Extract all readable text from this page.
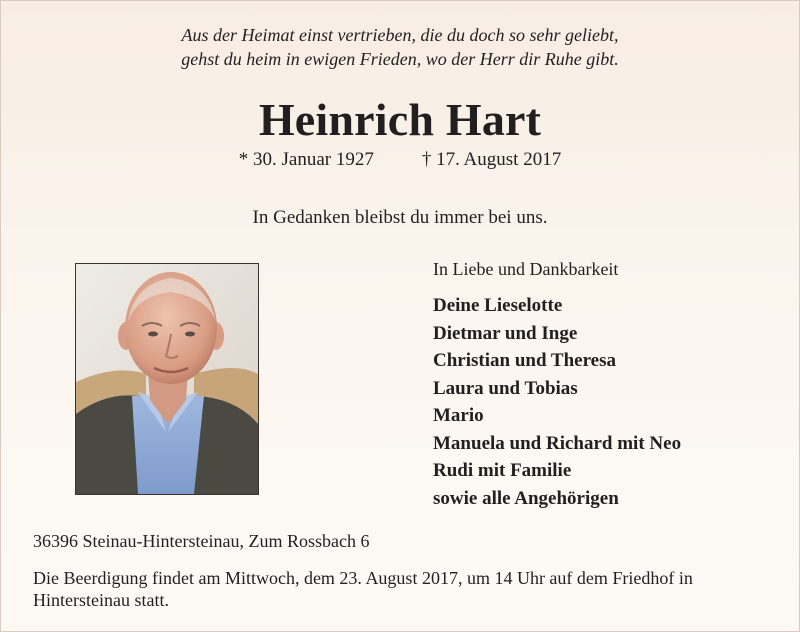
Aus der Heimat einst vertrieben, die du doch so sehr geliebt,
gehst du heim in ewigen Frieden, wo der Herr dir Ruhe gibt.
Heinrich Hart
* 30. Januar 1927	† 17. August 2017
In Gedanken bleibst du immer bei uns.
In Liebe und Dankbarkeit
Deine Lieselotte
Dietmar und Inge
Christian und Theresa
Laura und Tobias
Mario
Manuela und Richard mit Neo
Rudi mit Familie
sowie alle Angehörigen
36396 Steinau-Hintersteinau, Zum Rossbach 6
Die Beerdigung findet am Mittwoch, dem 23. August 2017, um 14 Uhr auf dem Friedhof in Hintersteinau statt.
